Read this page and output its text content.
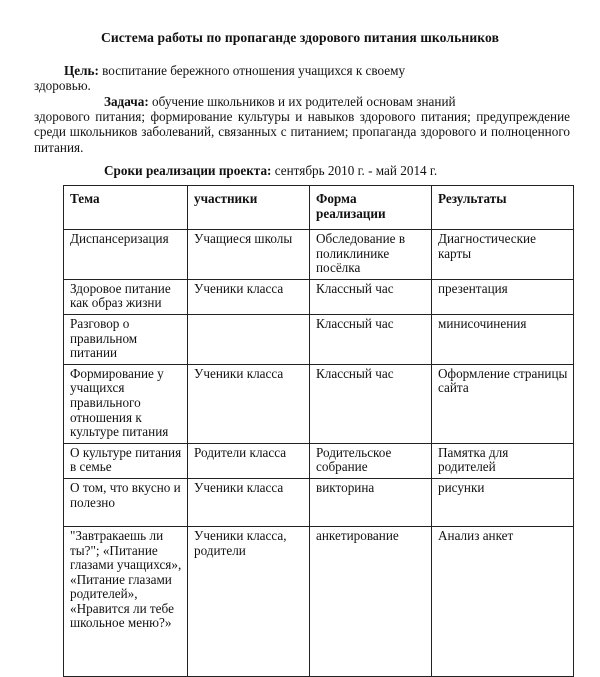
Система работы по пропаганде здорового питания школьников
Цель: воспитание бережного отношения учащихся к своему
здоровью.
Задача: обучение школьников и их родителей основам знаний
здорового питания; формирование культуры и навыков здорового питания; предупреждение среди школьников заболеваний, связанных с питанием; пропаганда здорового и полноценного питания.
Сроки реализации проекта: сентябрь 2010 г. - май 2014 г.
Тема	участники	Форма реализации	Результаты
Диспансеризация	Учащиеся школы	Обследование в поликлинике посёлка	Диагностические карты
Здоровое питание как образ жизни	Ученики класса	Классный час	презентация
Разговор о правильном питании		Классный час	минисочинения
Формирование у учащихся правильного отношения к культуре питания	Ученики класса	Классный час	Оформление страницы сайта
О культуре питания в семье	Родители класса	Родительское собрание	Памятка для родителей
О том, что вкусно и полезно	Ученики класса	викторина	рисунки
"Завтракаешь ли ты?"; «Питание глазами учащихся», «Питание глазами родителей», «Нравится ли тебе школьное меню?»	Ученики класса, родители	анкетирование	Анализ анкет
